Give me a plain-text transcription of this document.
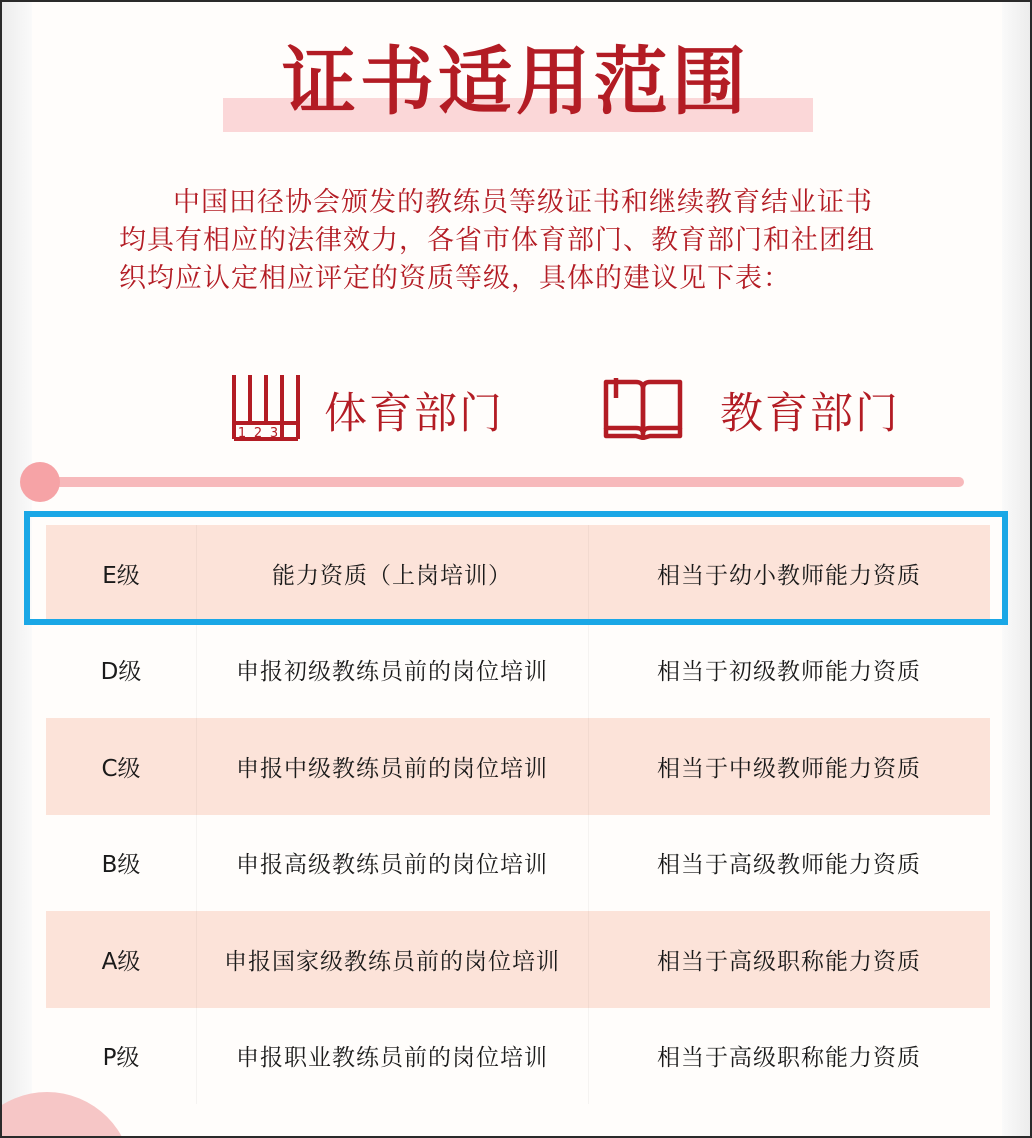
证书适用范围
中国田径协会颁发的教练员等级证书和继续教育结业证书均具有相应的法律效力，各省市体育部门、教育部门和社团组织均应认定相应评定的资质等级，具体的建议见下表：
1 2 3 体育部门	教育部门
E级	能力资质（上岗培训）	相当于幼小教师能力资质
D级	申报初级教练员前的岗位培训	相当于初级教师能力资质
C级	申报中级教练员前的岗位培训	相当于中级教师能力资质
B级	申报高级教练员前的岗位培训	相当于高级教师能力资质
A级	申报国家级教练员前的岗位培训	相当于高级职称能力资质
P级	申报职业教练员前的岗位培训	相当于高级职称能力资质
